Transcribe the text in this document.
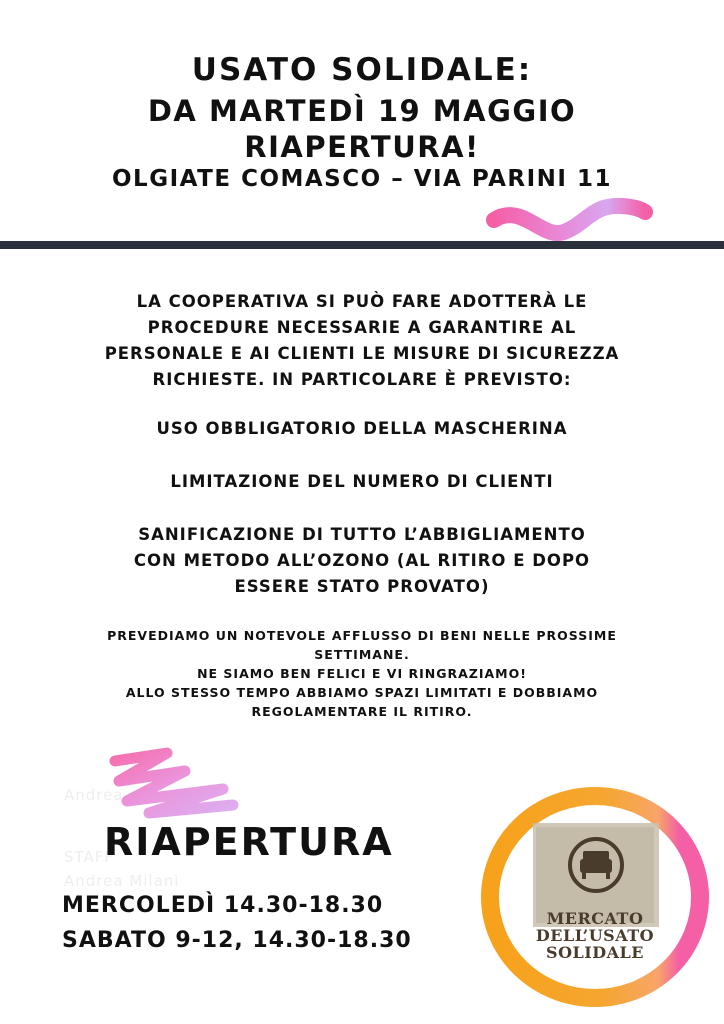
USATO SOLIDALE:
DA MARTEDÌ 19 MAGGIO
RIAPERTURA!
OLGIATE COMASCO – VIA PARINI 11
LA COOPERATIVA SI PUÒ FARE ADOTTERÀ LE
PROCEDURE NECESSARIE A GARANTIRE AL
PERSONALE E AI CLIENTI LE MISURE DI SICUREZZA
RICHIESTE. IN PARTICOLARE È PREVISTO:
USO OBBLIGATORIO DELLA MASCHERINA
LIMITAZIONE DEL NUMERO DI CLIENTI
SANIFICAZIONE DI TUTTO L’ABBIGLIAMENTO
CON METODO ALL’OZONO (AL RITIRO E DOPO
ESSERE STATO PROVATO)
PREVEDIAMO UN NOTEVOLE AFFLUSSO DI BENI NELLE PROSSIME
SETTIMANE.
NE SIAMO BEN FELICI E VI RINGRAZIAMO!
ALLO STESSO TEMPO ABBIAMO SPAZI LIMITATI E DOBBIAMO
REGOLAMENTARE IL RITIRO.
Andrea
STAFF
Andrea Milani
RIAPERTURA
MERCOLEDÌ 14.30-18.30
SABATO 9-12, 14.30-18.30
MERCATO
DELL’USATO
SOLIDALE
